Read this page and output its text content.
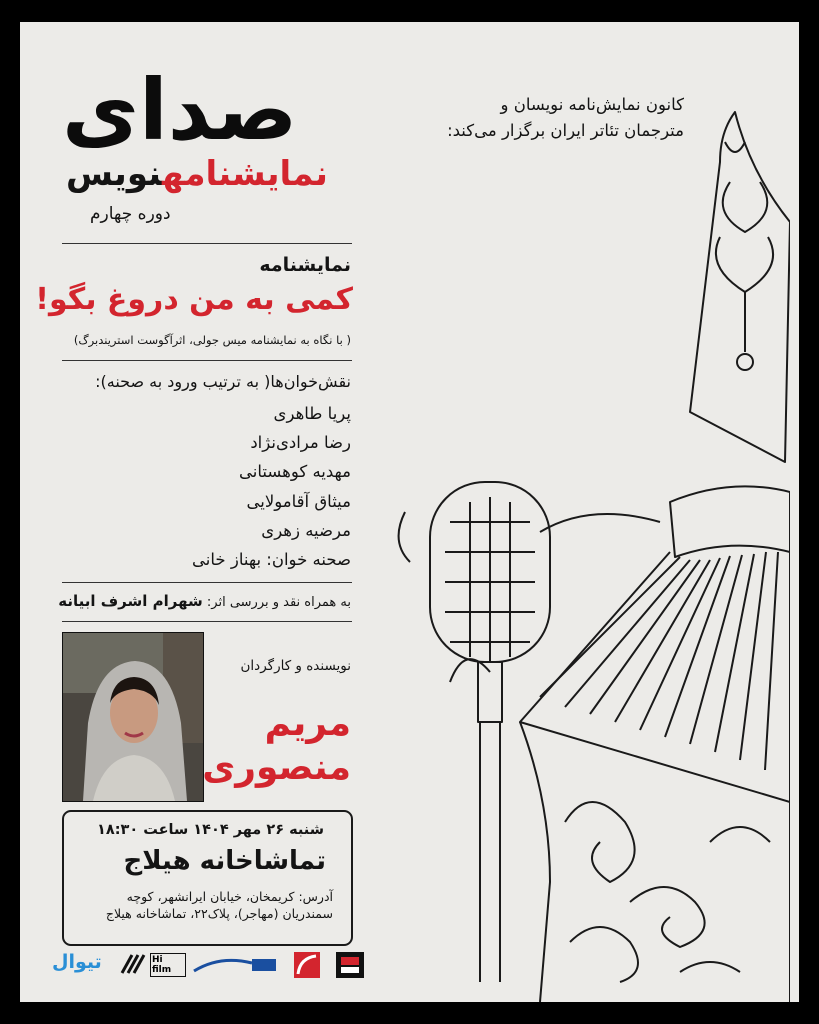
کانون نمایش‌نامه نویسان و
مترجمان تئاتر ایران برگزار می‌کند:
صدای
نمایشنامهنویس
دوره چهارم
نمایشنامه
کمی به من دروغ بگو!
( با نگاه به نمایشنامه میس جولی، اثرآگوست استریندبرگ)
نقش‌خوان‌ها( به ترتیب ورود به صحنه):
پریا طاهری
رضا مرادی‌نژاد
مهدیه کوهستانی
میثاق آقامولایی
مرضیه زهری
صحنه خوان: بهناز خانی
به همراه نقد و بررسی اثر: شهرام اشرف ابیانه
نویسنده و کارگردان
مریم
منصوری
شنبه ۲۶ مهر ۱۴۰۴ ساعت ۱۸:۳۰
تماشاخانه هیلاج
آدرس: کریمخان، خیابان ایرانشهر، کوچه سمندریان (مهاجر)، پلاک۲۲، تماشاخانه هیلاج
تیوال	Hi film
